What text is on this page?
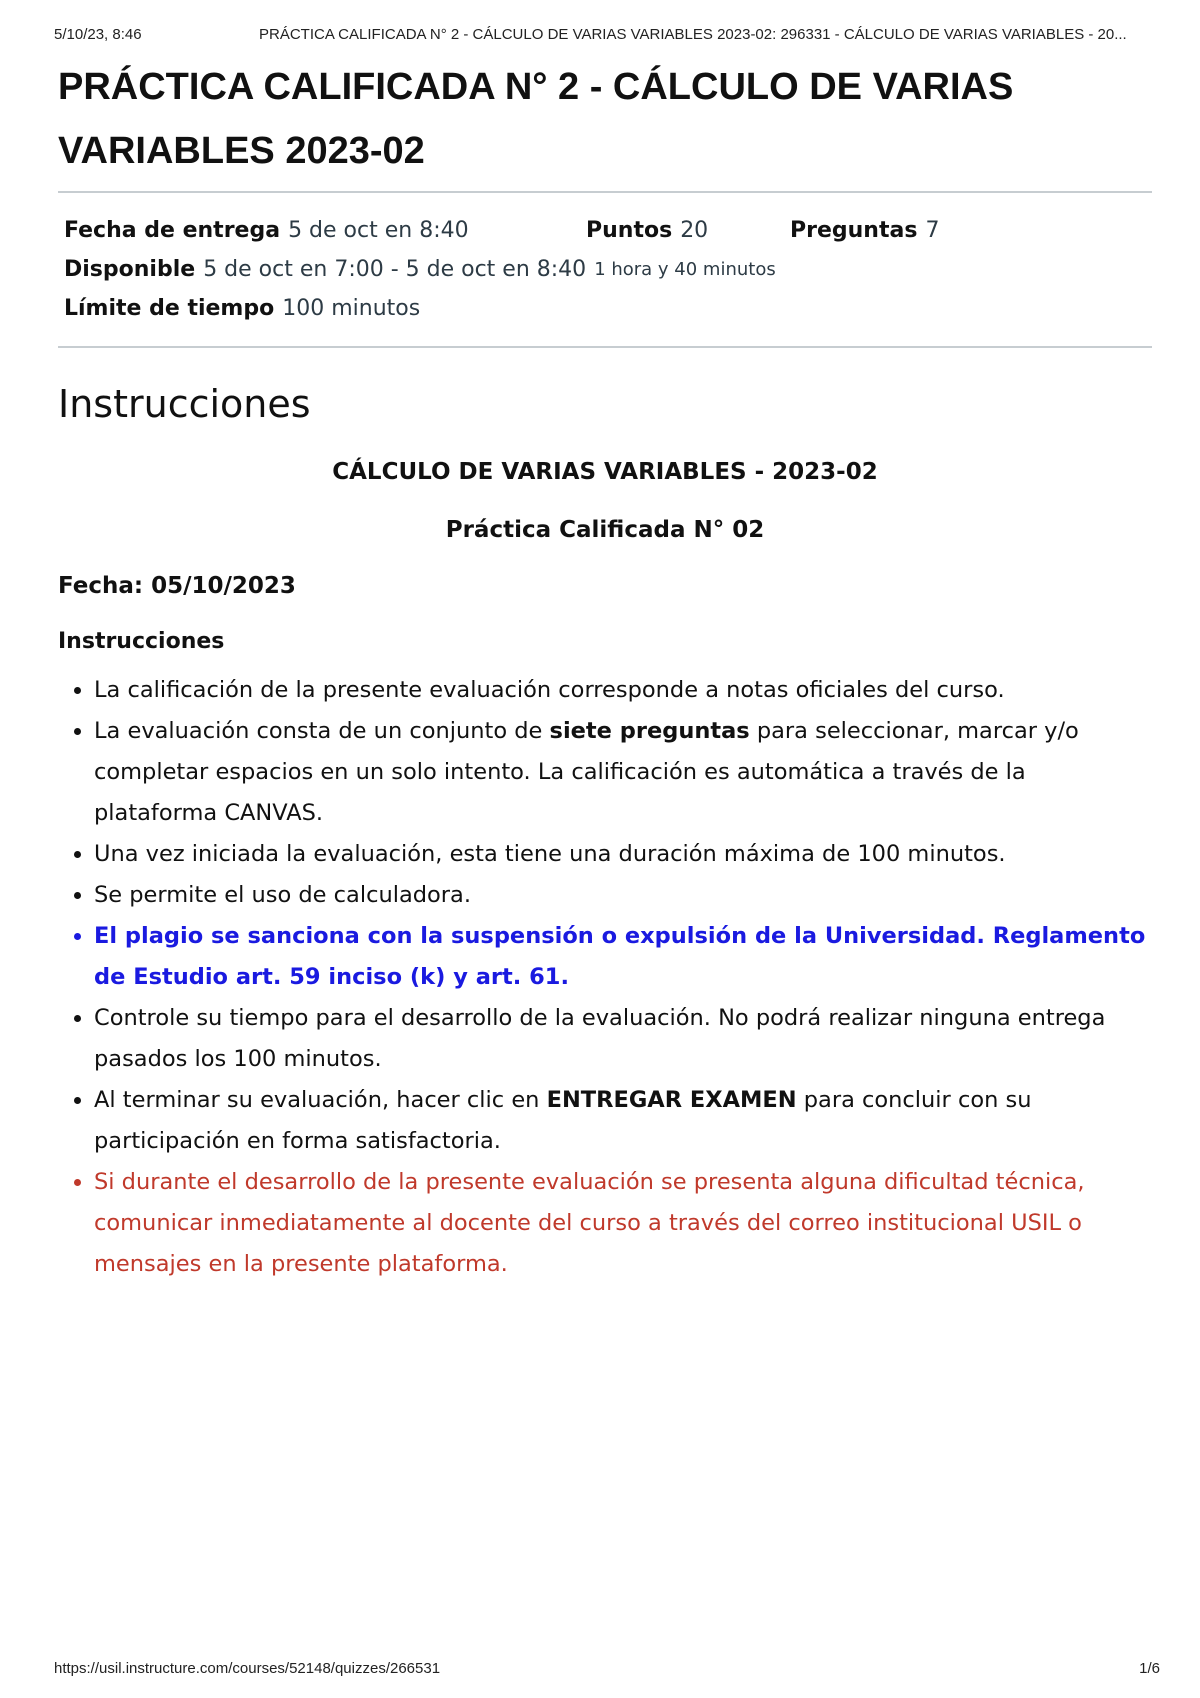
5/10/23, 8:46	PRÁCTICA CALIFICADA N° 2 - CÁLCULO DE VARIAS VARIABLES 2023-02: 296331 - CÁLCULO DE VARIAS VARIABLES - 20...
PRÁCTICA CALIFICADA N° 2 - CÁLCULO DE VARIAS VARIABLES 2023-02
Fecha de entrega 5 de oct en 8:40	Puntos 20	Preguntas 7
Disponible 5 de oct en 7:00 - 5 de oct en 8:40 1 hora y 40 minutos
Límite de tiempo 100 minutos
Instrucciones

CÁLCULO DE VARIAS VARIABLES - 2023-02

Práctica Calificada N° 02

Fecha: 05/10/2023

Instrucciones

• La calificación de la presente evaluación corresponde a notas oficiales del curso.
• La evaluación consta de un conjunto de siete preguntas para seleccionar, marcar y/o completar espacios en un solo intento. La calificación es automática a través de la plataforma CANVAS.
• Una vez iniciada la evaluación, esta tiene una duración máxima de 100 minutos.
• Se permite el uso de calculadora.
• El plagio se sanciona con la suspensión o expulsión de la Universidad. Reglamento de Estudio art. 59 inciso (k) y art. 61.
• Controle su tiempo para el desarrollo de la evaluación. No podrá realizar ninguna entrega pasados los 100 minutos.
• Al terminar su evaluación, hacer clic en ENTREGAR EXAMEN para concluir con su participación en forma satisfactoria.
• Si durante el desarrollo de la presente evaluación se presenta alguna dificultad técnica, comunicar inmediatamente al docente del curso a través del correo institucional USIL o mensajes en la presente plataforma.
https://usil.instructure.com/courses/52148/quizzes/266531	1/6
